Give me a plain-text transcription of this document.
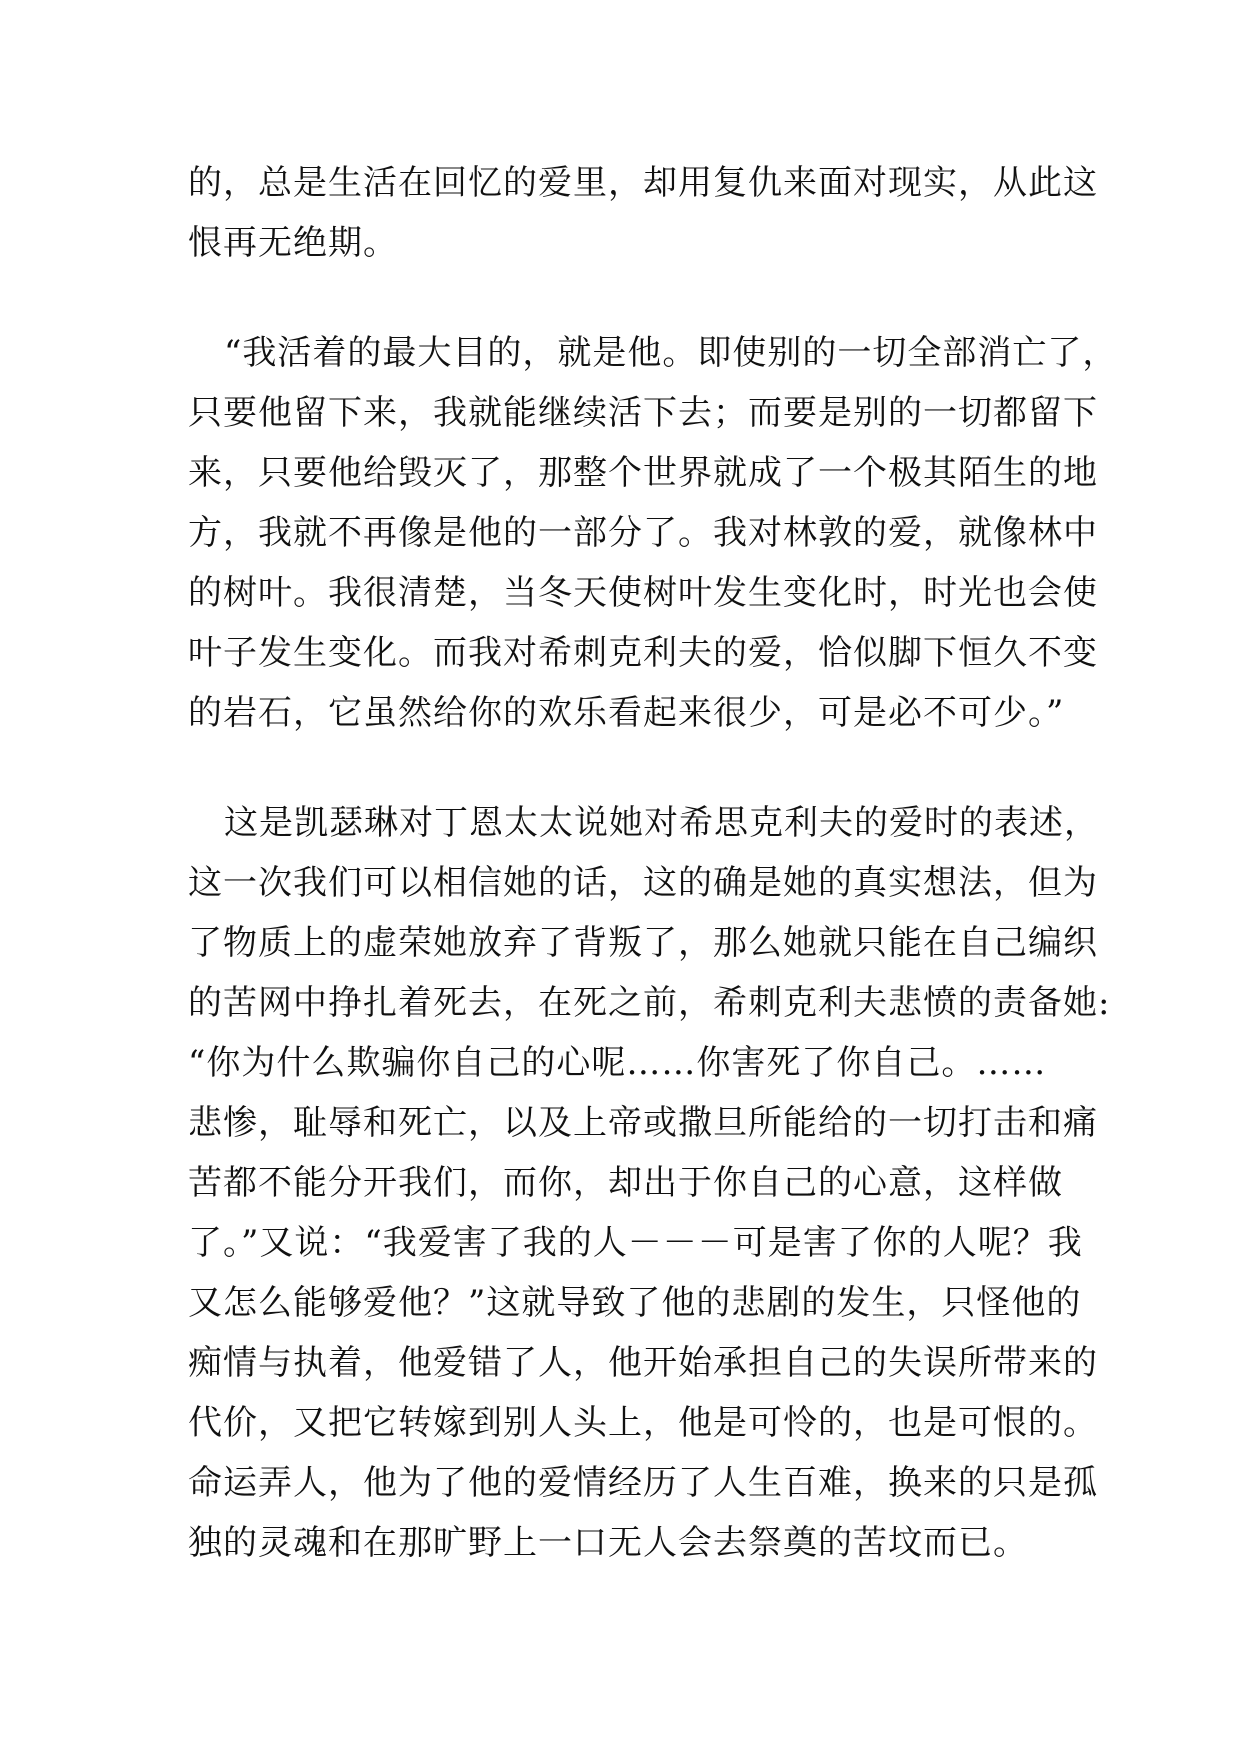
的，总是生活在回忆的爱里，却用复仇来面对现实，从此这
恨再无绝期。
“我活着的最大目的，就是他。即使别的一切全部消亡了，
只要他留下来，我就能继续活下去；而要是别的一切都留下
来，只要他给毁灭了，那整个世界就成了一个极其陌生的地
方，我就不再像是他的一部分了。我对林敦的爱，就像林中
的树叶。我很清楚，当冬天使树叶发生变化时，时光也会使
叶子发生变化。而我对希刺克利夫的爱，恰似脚下恒久不变
的岩石，它虽然给你的欢乐看起来很少，可是必不可少。”
这是凯瑟琳对丁恩太太说她对希思克利夫的爱时的表述，
这一次我们可以相信她的话，这的确是她的真实想法，但为
了物质上的虚荣她放弃了背叛了，那么她就只能在自己编织
的苦网中挣扎着死去，在死之前，希刺克利夫悲愤的责备她:
“你为什么欺骗你自己的心呢……你害死了你自己。……
悲惨，耻辱和死亡，以及上帝或撒旦所能给的一切打击和痛
苦都不能分开我们，而你，却出于你自己的心意，这样做
了。”又说：“我爱害了我的人－－－可是害了你的人呢？我
又怎么能够爱他？”这就导致了他的悲剧的发生，只怪他的
痴情与执着，他爱错了人，他开始承担自己的失误所带来的
代价，又把它转嫁到别人头上，他是可怜的，也是可恨的。
命运弄人，他为了他的爱情经历了人生百难，换来的只是孤
独的灵魂和在那旷野上一口无人会去祭奠的苦坟而已。
